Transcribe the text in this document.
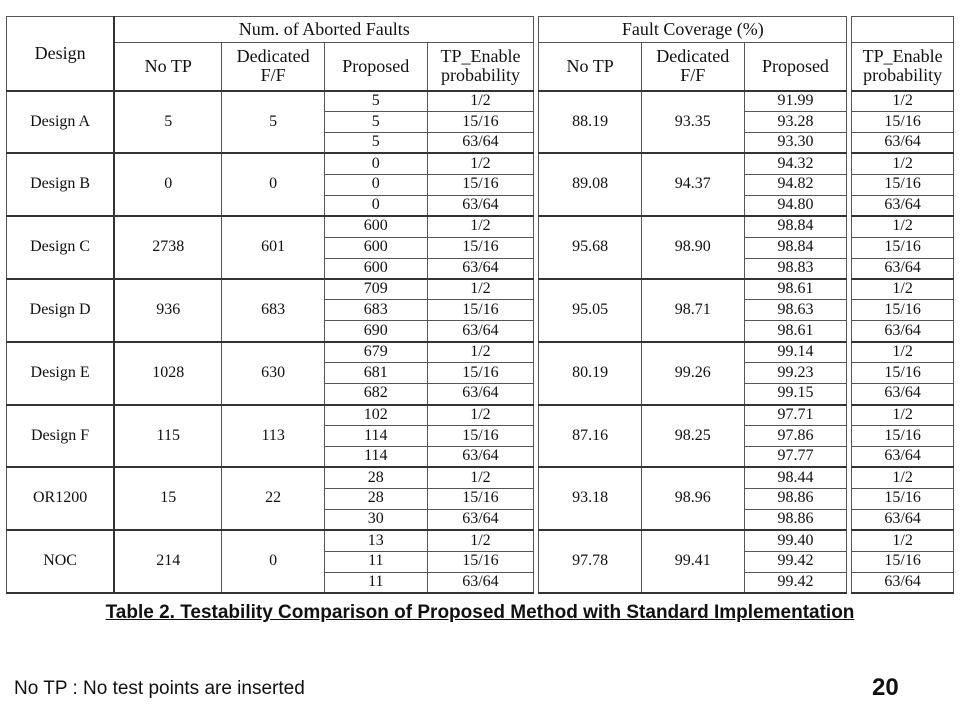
Design	Num. of Aborted Faults					Fault Coverage (%)				
	No TP	Dedicated F/F	Proposed	TP_Enable probability		No TP	Dedicated F/F	Proposed		TP_Enable probability
Design A	5	5	5	1/2		88.19	93.35	91.99		1/2
			5	15/16				93.28		15/16
			5	63/64				93.30		63/64
Design B	0	0	0	1/2		89.08	94.37	94.32		1/2
			0	15/16				94.82		15/16
			0	63/64				94.80		63/64
Design C	2738	601	600	1/2		95.68	98.90	98.84		1/2
			600	15/16				98.84		15/16
			600	63/64				98.83		63/64
Design D	936	683	709	1/2		95.05	98.71	98.61		1/2
			683	15/16				98.63		15/16
			690	63/64				98.61		63/64
Design E	1028	630	679	1/2		80.19	99.26	99.14		1/2
			681	15/16				99.23		15/16
			682	63/64				99.15		63/64
Design F	115	113	102	1/2		87.16	98.25	97.71		1/2
			114	15/16				97.86		15/16
			114	63/64				97.77		63/64
OR1200	15	22	28	1/2		93.18	98.96	98.44		1/2
			28	15/16				98.86		15/16
			30	63/64				98.86		63/64
NOC	214	0	13	1/2		97.78	99.41	99.40		1/2
			11	15/16				99.42		15/16
			11	63/64				99.42		63/64
Table 2. Testability Comparison of Proposed Method with Standard Implementation
No TP : No test points are inserted	20
